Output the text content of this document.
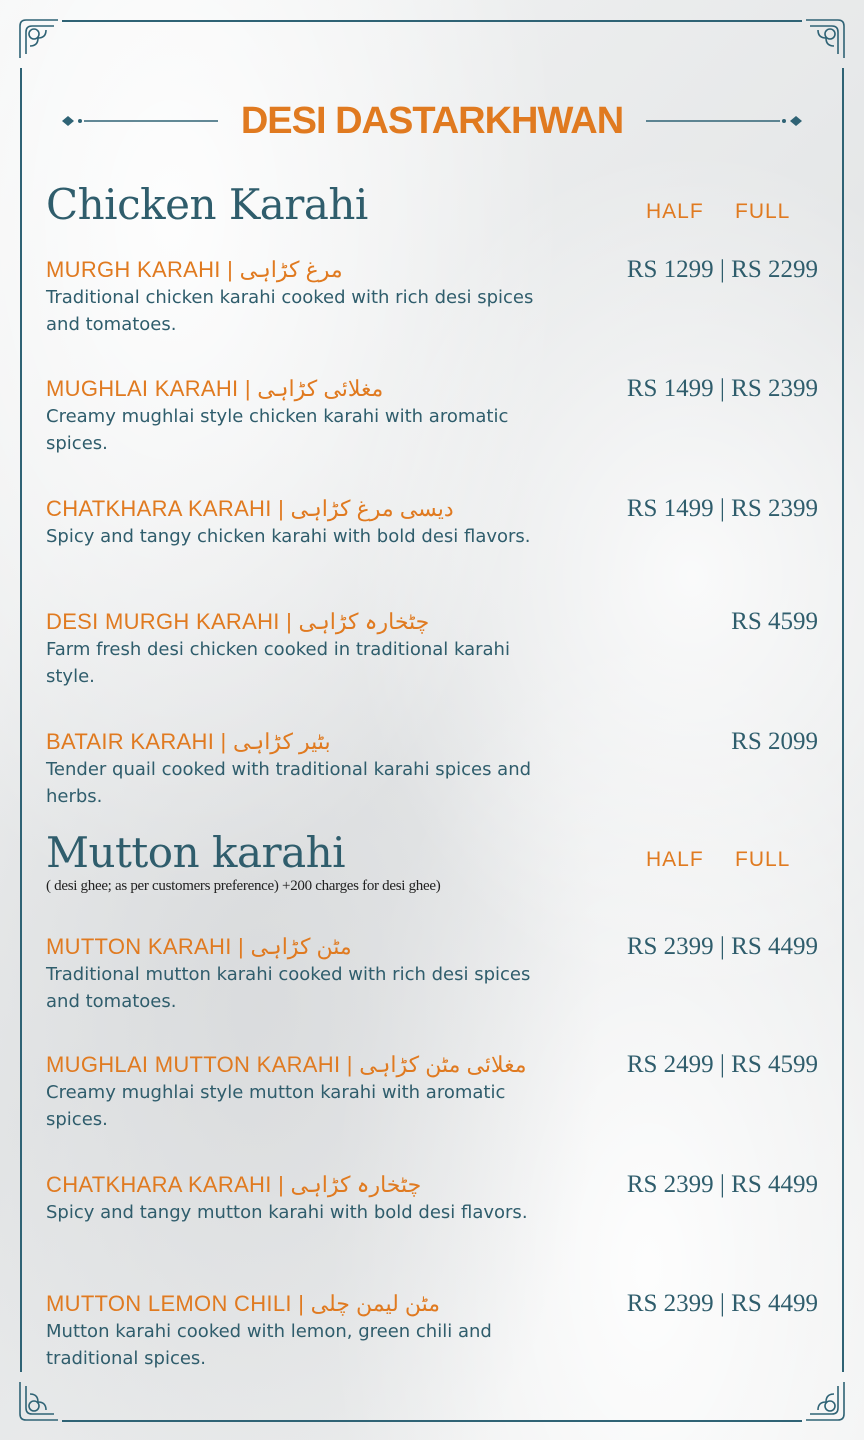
DESI DASTARKHWAN
Chicken Karahi	HALF FULL
MURGH KARAHI | مرغ کڑاہی

Traditional chicken karahi cooked with rich desi spices and tomatoes.

RS 1299 | RS 2299
MUGHLAI KARAHI | مغلائی کڑاہی

Creamy mughlai style chicken karahi with aromatic spices.

RS 1499 | RS 2399
CHATKHARA KARAHI | دیسی مرغ کڑاہی

Spicy and tangy chicken karahi with bold desi flavors.

RS 1499 | RS 2399
DESI MURGH KARAHI | چٹخارہ کڑاہی

Farm fresh desi chicken cooked in traditional karahi style.

RS 4599
BATAIR KARAHI | بٹیر کڑاہی

Tender quail cooked with traditional karahi spices and herbs.

RS 2099
Mutton karahi	HALF FULL
( desi ghee; as per customers preference) +200 charges for desi ghee)
MUTTON KARAHI | مٹن کڑاہی

Traditional mutton karahi cooked with rich desi spices and tomatoes.

RS 2399 | RS 4499
MUGHLAI MUTTON KARAHI | مغلائی مٹن کڑاہی

Creamy mughlai style mutton karahi with aromatic spices.

RS 2499 | RS 4599
CHATKHARA KARAHI | چٹخارہ کڑاہی

Spicy and tangy mutton karahi with bold desi flavors.

RS 2399 | RS 4499
MUTTON LEMON CHILI | مٹن لیمن چلی

Mutton karahi cooked with lemon, green chili and traditional spices.

RS 2399 | RS 4499
